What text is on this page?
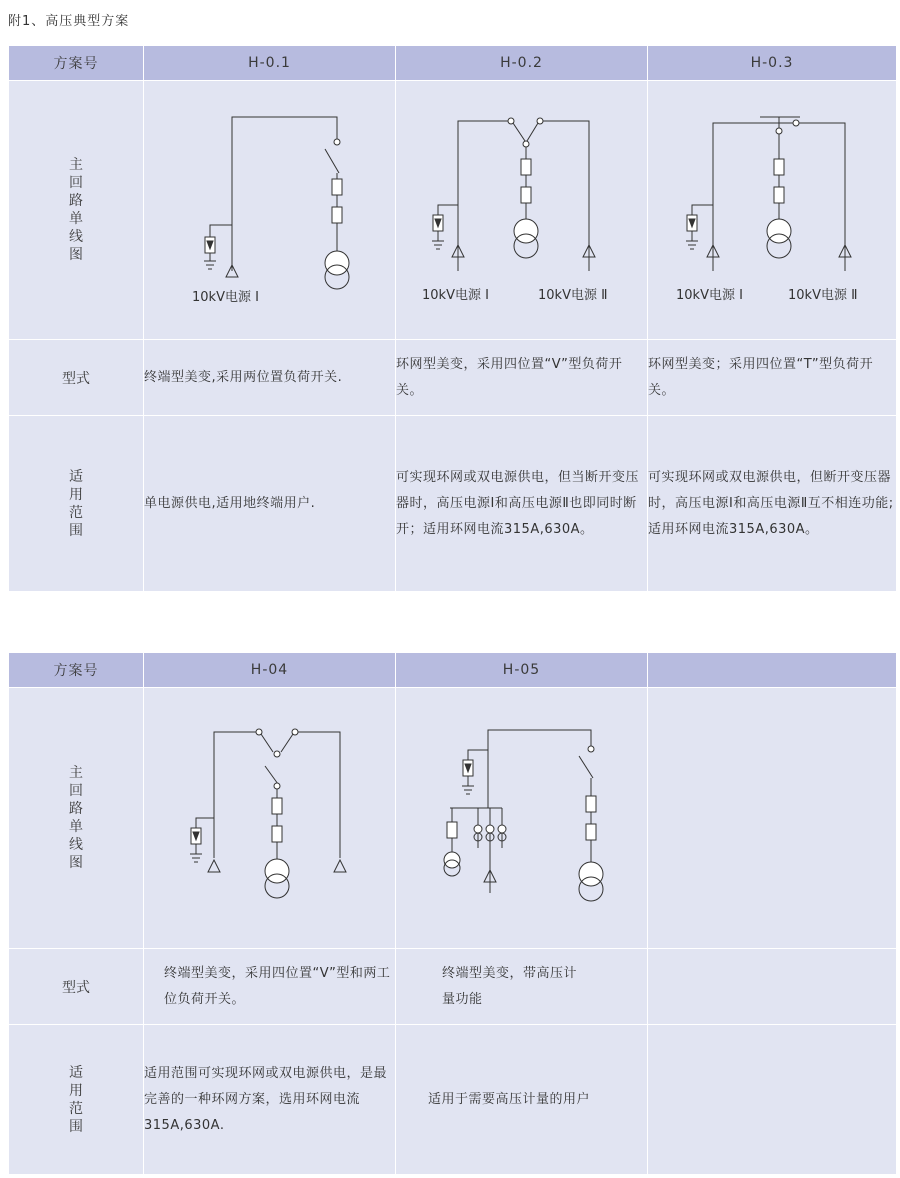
附1、高压典型方案
方案号	H-0.1	H-0.2	H-0.3
主回路单线图	10kV电源 Ⅰ	10kV电源 Ⅰ 10kV电源 Ⅱ	10kV电源 Ⅰ 10kV电源 Ⅱ

型式	终端型美变,采用两位置负荷开关.	环网型美变，采用四位置“V”型负荷开关。	环网型美变；采用四位置“T”型负荷开关。
适用范围	单电源供电,适用地终端用户.	可实现环网或双电源供电，但当断开变压器时，高压电源Ⅰ和高压电源Ⅱ也即同时断开；适用环网电流315A,630A。	可实现环网或双电源供电，但断开变压器时，高压电源Ⅰ和高压电源Ⅱ互不相连功能;适用环网电流315A,630A。
方案号	H-04	H-05	
主回路单线图			
型式	终端型美变，采用四位置“V”型和两工位负荷开关。	终端型美变，带高压计量功能	
适用范围	适用范围可实现环网或双电源供电，是最完善的一种环网方案，选用环网电流315A,630A.	适用于需要高压计量的用户	
